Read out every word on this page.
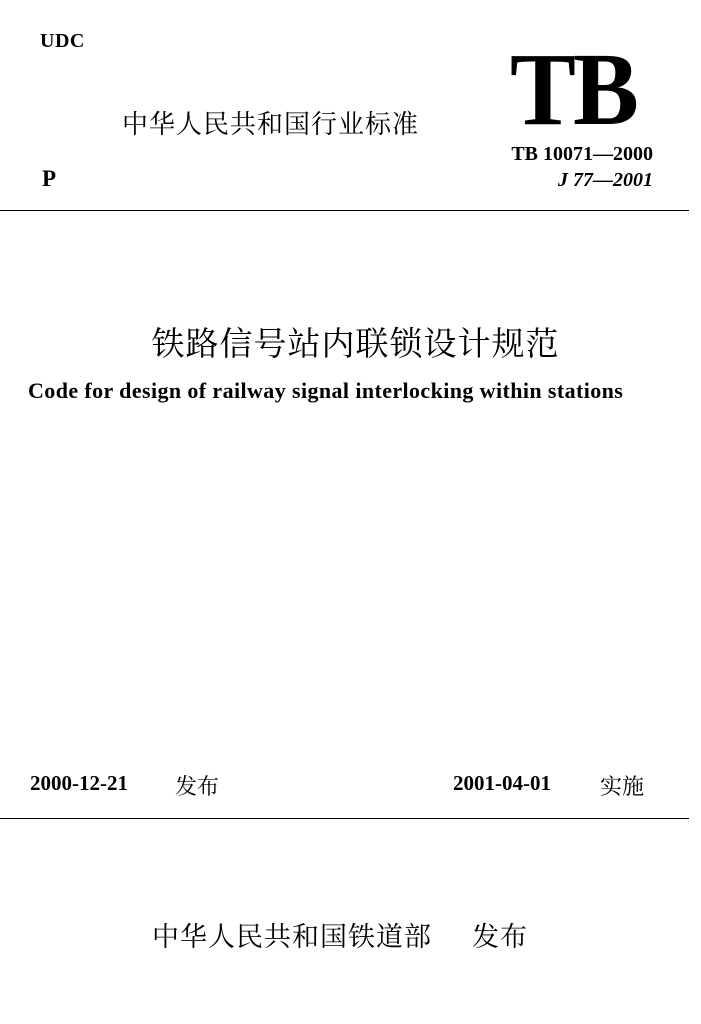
UDC
中华人民共和国行业标准 TB
TB 10071—2000
P	J 77—2001
铁路信号站内联锁设计规范
Code for design of railway signal interlocking within stations
2000-12-21 发布	2001-04-01 实施
中华人民共和国铁道部 发布
